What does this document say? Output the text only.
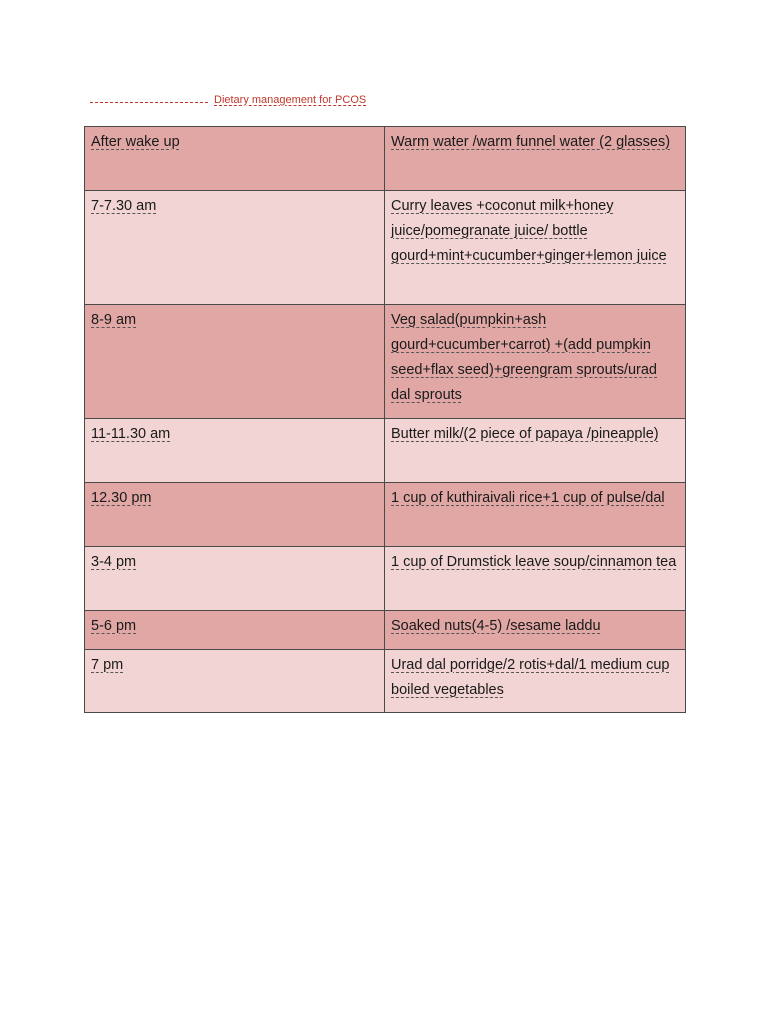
Dietary management for PCOS
After wake up	Warm water /warm funnel water (2 glasses)
7-7.30 am	Curry leaves +coconut milk+honey juice/pomegranate juice/ bottle gourd+mint+cucumber+ginger+lemon juice
8-9 am	Veg salad(pumpkin+ash gourd+cucumber+carrot) +(add pumpkin seed+flax seed)+greengram sprouts/urad dal sprouts
11-11.30 am	Butter milk/(2 piece of papaya /pineapple)
12.30 pm	1 cup of kuthiraivali rice+1 cup of pulse/dal
3-4 pm	1 cup of Drumstick leave soup/cinnamon tea
5-6 pm	Soaked nuts(4-5) /sesame laddu
7 pm	Urad dal porridge/2 rotis+dal/1 medium cup boiled vegetables
